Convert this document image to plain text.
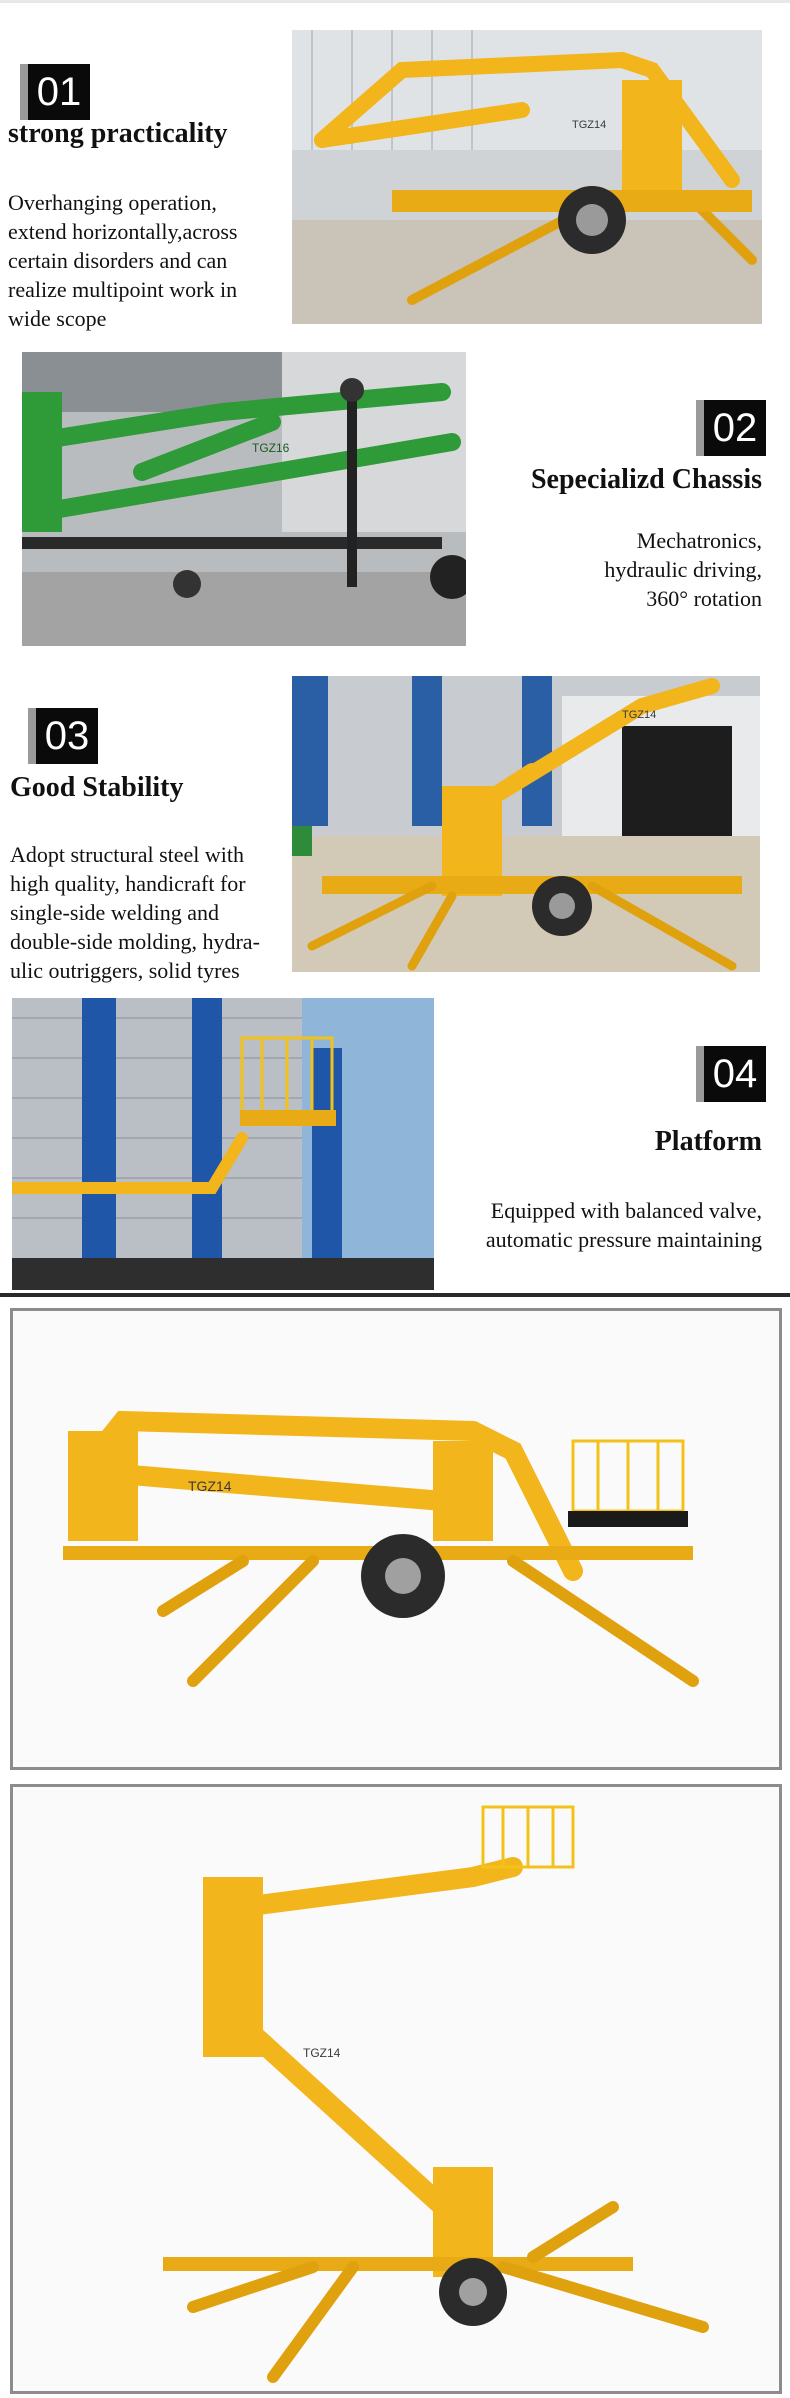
01
strong practicality
Overhanging operation,
extend horizontally,across
certain disorders and can
realize multipoint work in
wide scope
TGZ14
TGZ16	02
Sepecializd Chassis
Mechatronics,
hydraulic driving,
360° rotation
03
Good Stability
Adopt structural steel with
high quality, handicraft for
single-side welding and
double-side molding, hydra-
ulic outriggers, solid tyres
TGZ14
04
Platform
Equipped with balanced valve,
automatic pressure maintaining
TGZ14
TGZ14
